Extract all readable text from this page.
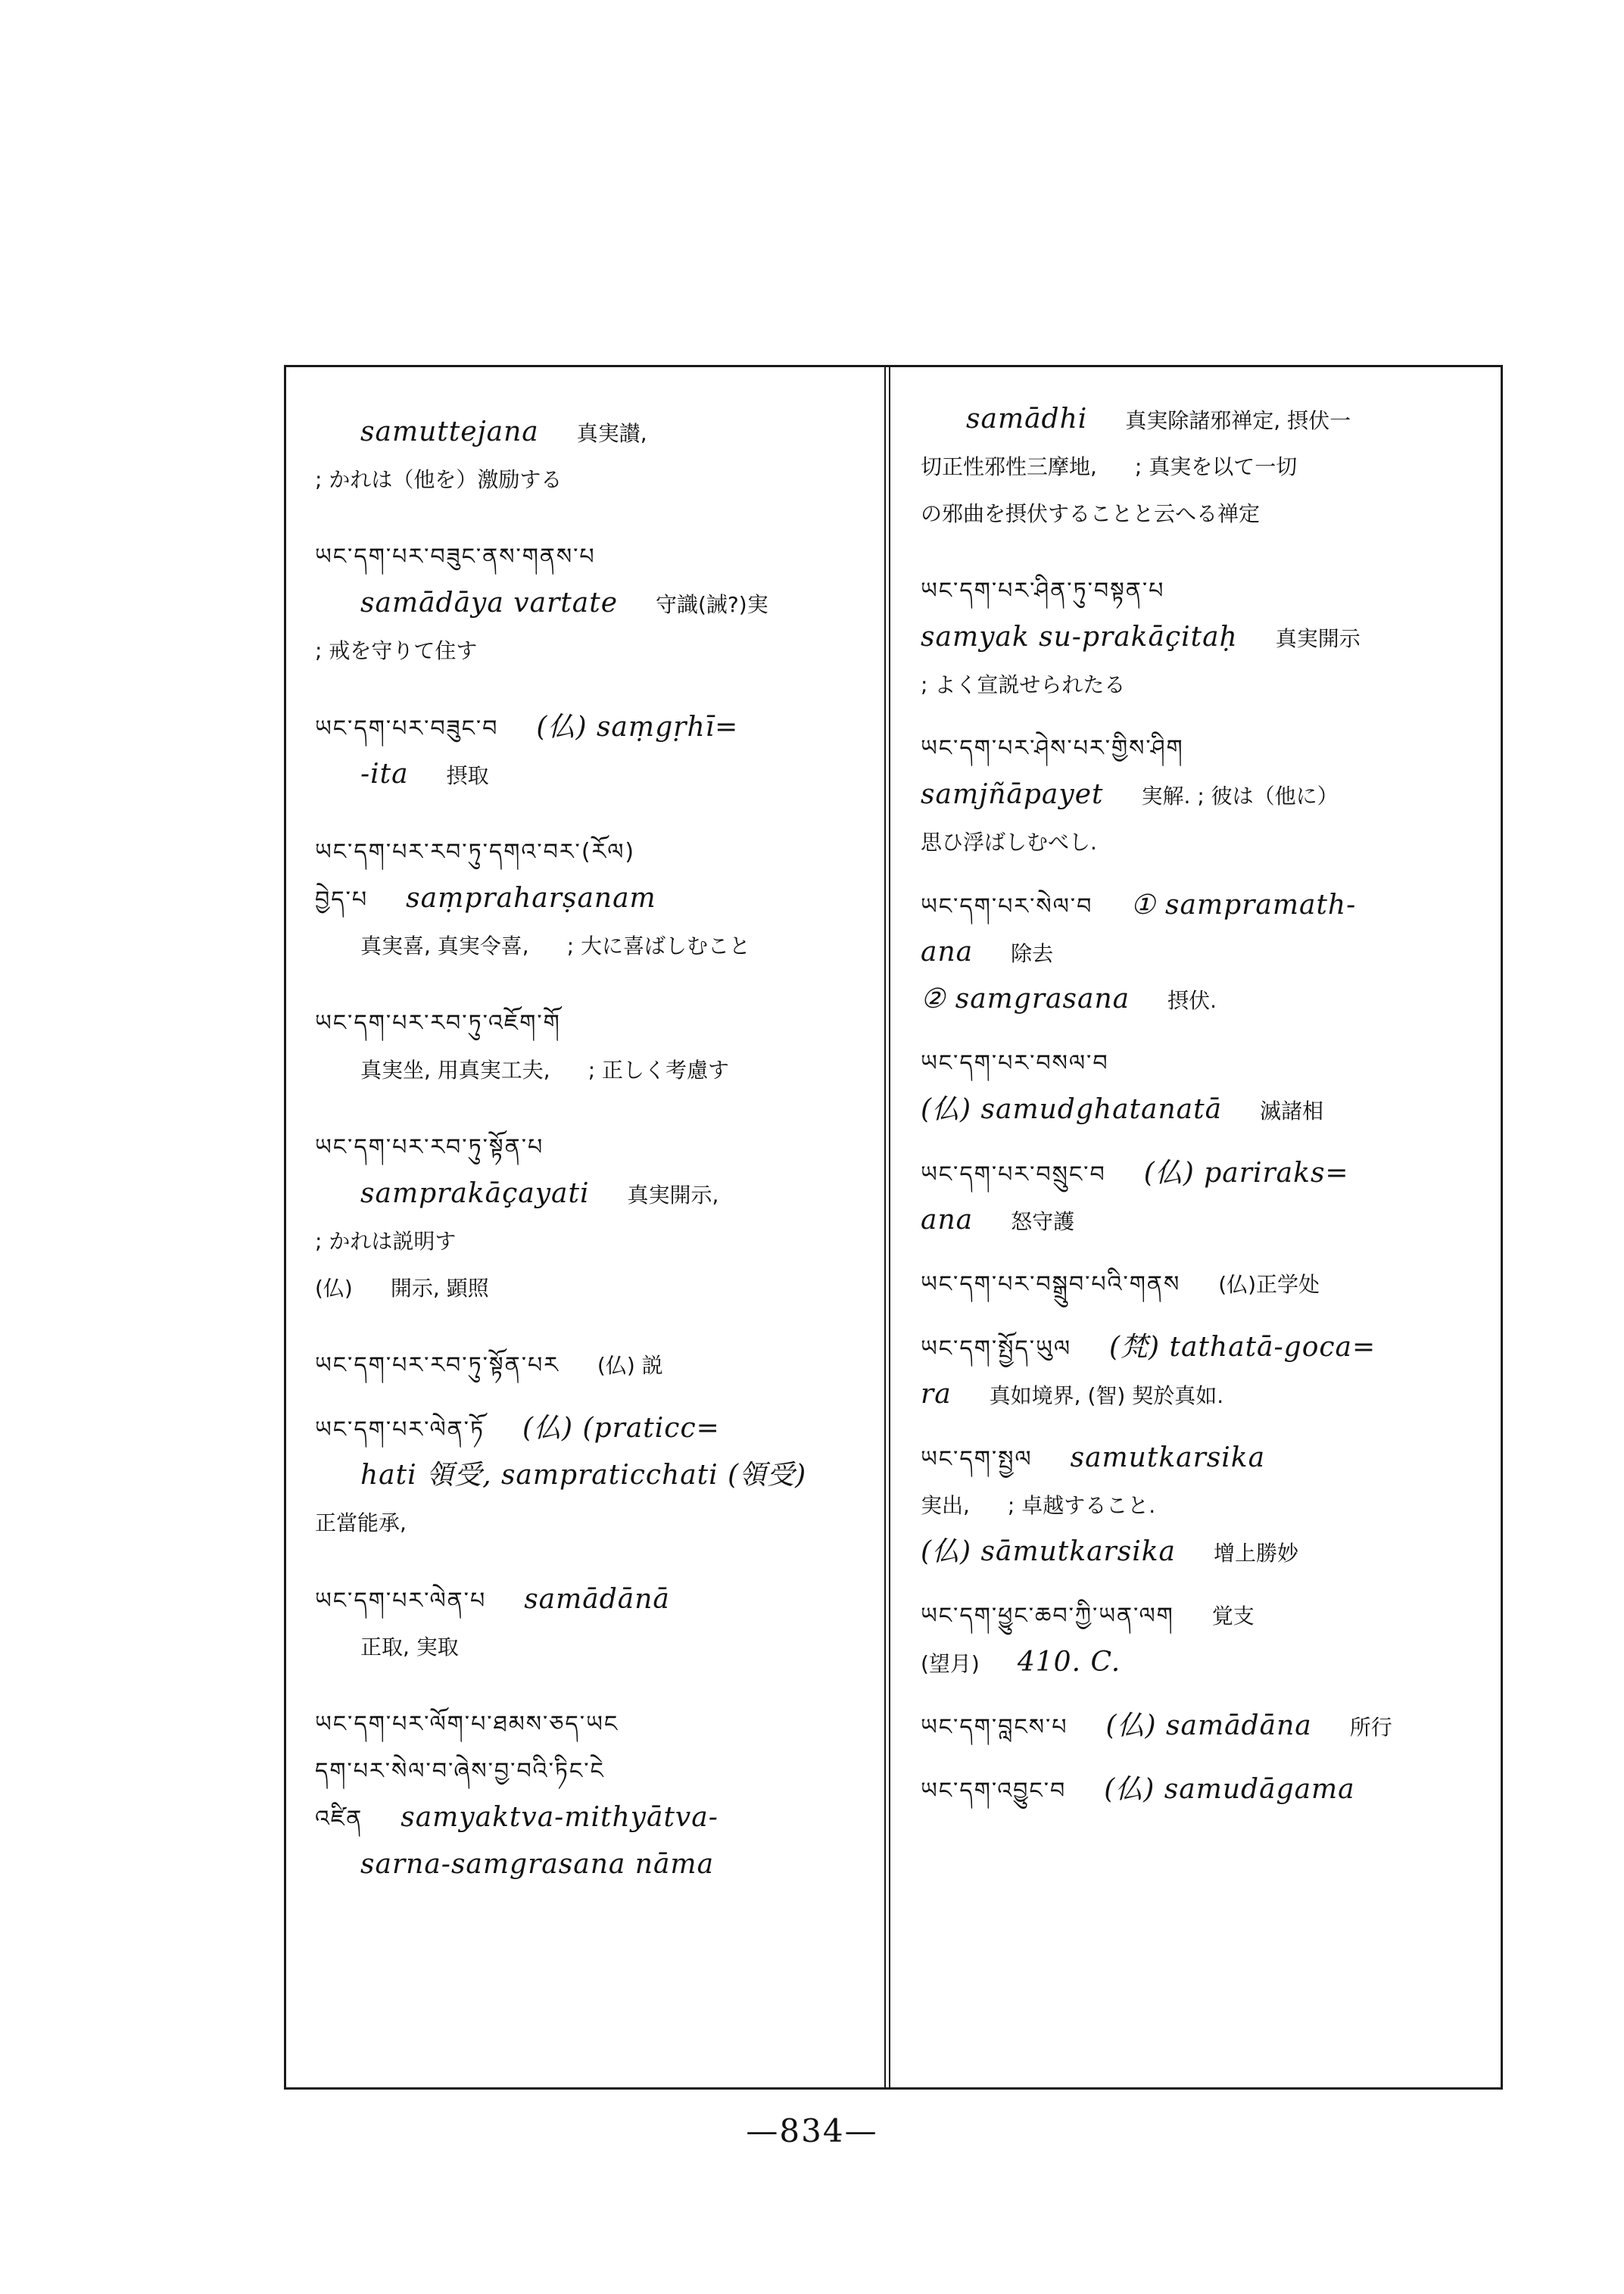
samuttejana 真実讃,
; かれは（他を）激励する
ཡང་དག་པར་བཟུང་ནས་གནས་པ
samādāya vartate 守識(誡?)実
; 戒を守りて住す
ཡང་དག་པར་བཟུང་བ (仏) saṃgṛhī=
-ita 摂取
ཡང་དག་པར་རབ་ཏུ་དགའ་བར་(རོལ)
བྱེད་པ saṃpraharṣanam
真実喜, 真実令喜, ; 大に喜ばしむこと
ཡང་དག་པར་རབ་ཏུ་འཇོག་གོ
真実坐, 用真実工夫, ; 正しく考慮す
ཡང་དག་པར་རབ་ཏུ་སྟོན་པ
samprakāçayati 真実開示,
; かれは説明す
(仏) 開示, 顕照
ཡང་དག་པར་རབ་ཏུ་སྟོན་པར (仏) 説
ཡང་དག་པར་ལེན་ཏོ (仏) (praticc=
hati 領受, sampraticchati (領受)
正當能承,
ཡང་དག་པར་ལེན་པ samādānā
正取, 実取
ཡང་དག་པར་ལོག་པ་ཐམས་ཅད་ཡང
དག་པར་སེལ་བ་ཞེས་བྱ་བའི་ཏིང་ངེ
འཛིན samyaktva-mithyātva-
sarna-samgrasana nāma
samādhi 真実除諸邪禅定, 摂伏一
切正性邪性三摩地, ; 真実を以て一切
の邪曲を摂伏することと云へる禅定
ཡང་དག་པར་ཤིན་ཏུ་བསྟན་པ
samyak su-prakāçitaḥ 真実開示
; よく宣説せられたる
ཡང་དག་པར་ཤེས་པར་གྱིས་ཤིག
samjñāpayet 実解. ; 彼は（他に）
思ひ浮ばしむべし.
ཡང་དག་པར་སེལ་བ ① sampramath-
ana 除去
② samgrasana 摂伏.
ཡང་དག་པར་བསལ་བ
(仏) samudghatanatā 滅諸相
ཡང་དག་པར་བསྲུང་བ (仏) pariraks=
ana 怒守護
ཡང་དག་པར་བསྒྲུབ་པའི་གནས (仏)正学处
ཡང་དག་སྤྱོད་ཡུལ (梵) tathatā-goca=
ra 真如境界, (智) 契於真如.
ཡང་དག་སྤྱལ samutkarsika
実出, ; 卓越すること.
(仏) sāmutkarsika 增上勝妙
ཡང་དག་ཕྱུང་ཆབ་ཀྱི་ཡན་ལག 覚支
(望月) 410. C.
ཡང་དག་བླངས་པ (仏) samādāna 所行
ཡང་དག་འབྱུང་བ (仏) samudāgama
—834—
